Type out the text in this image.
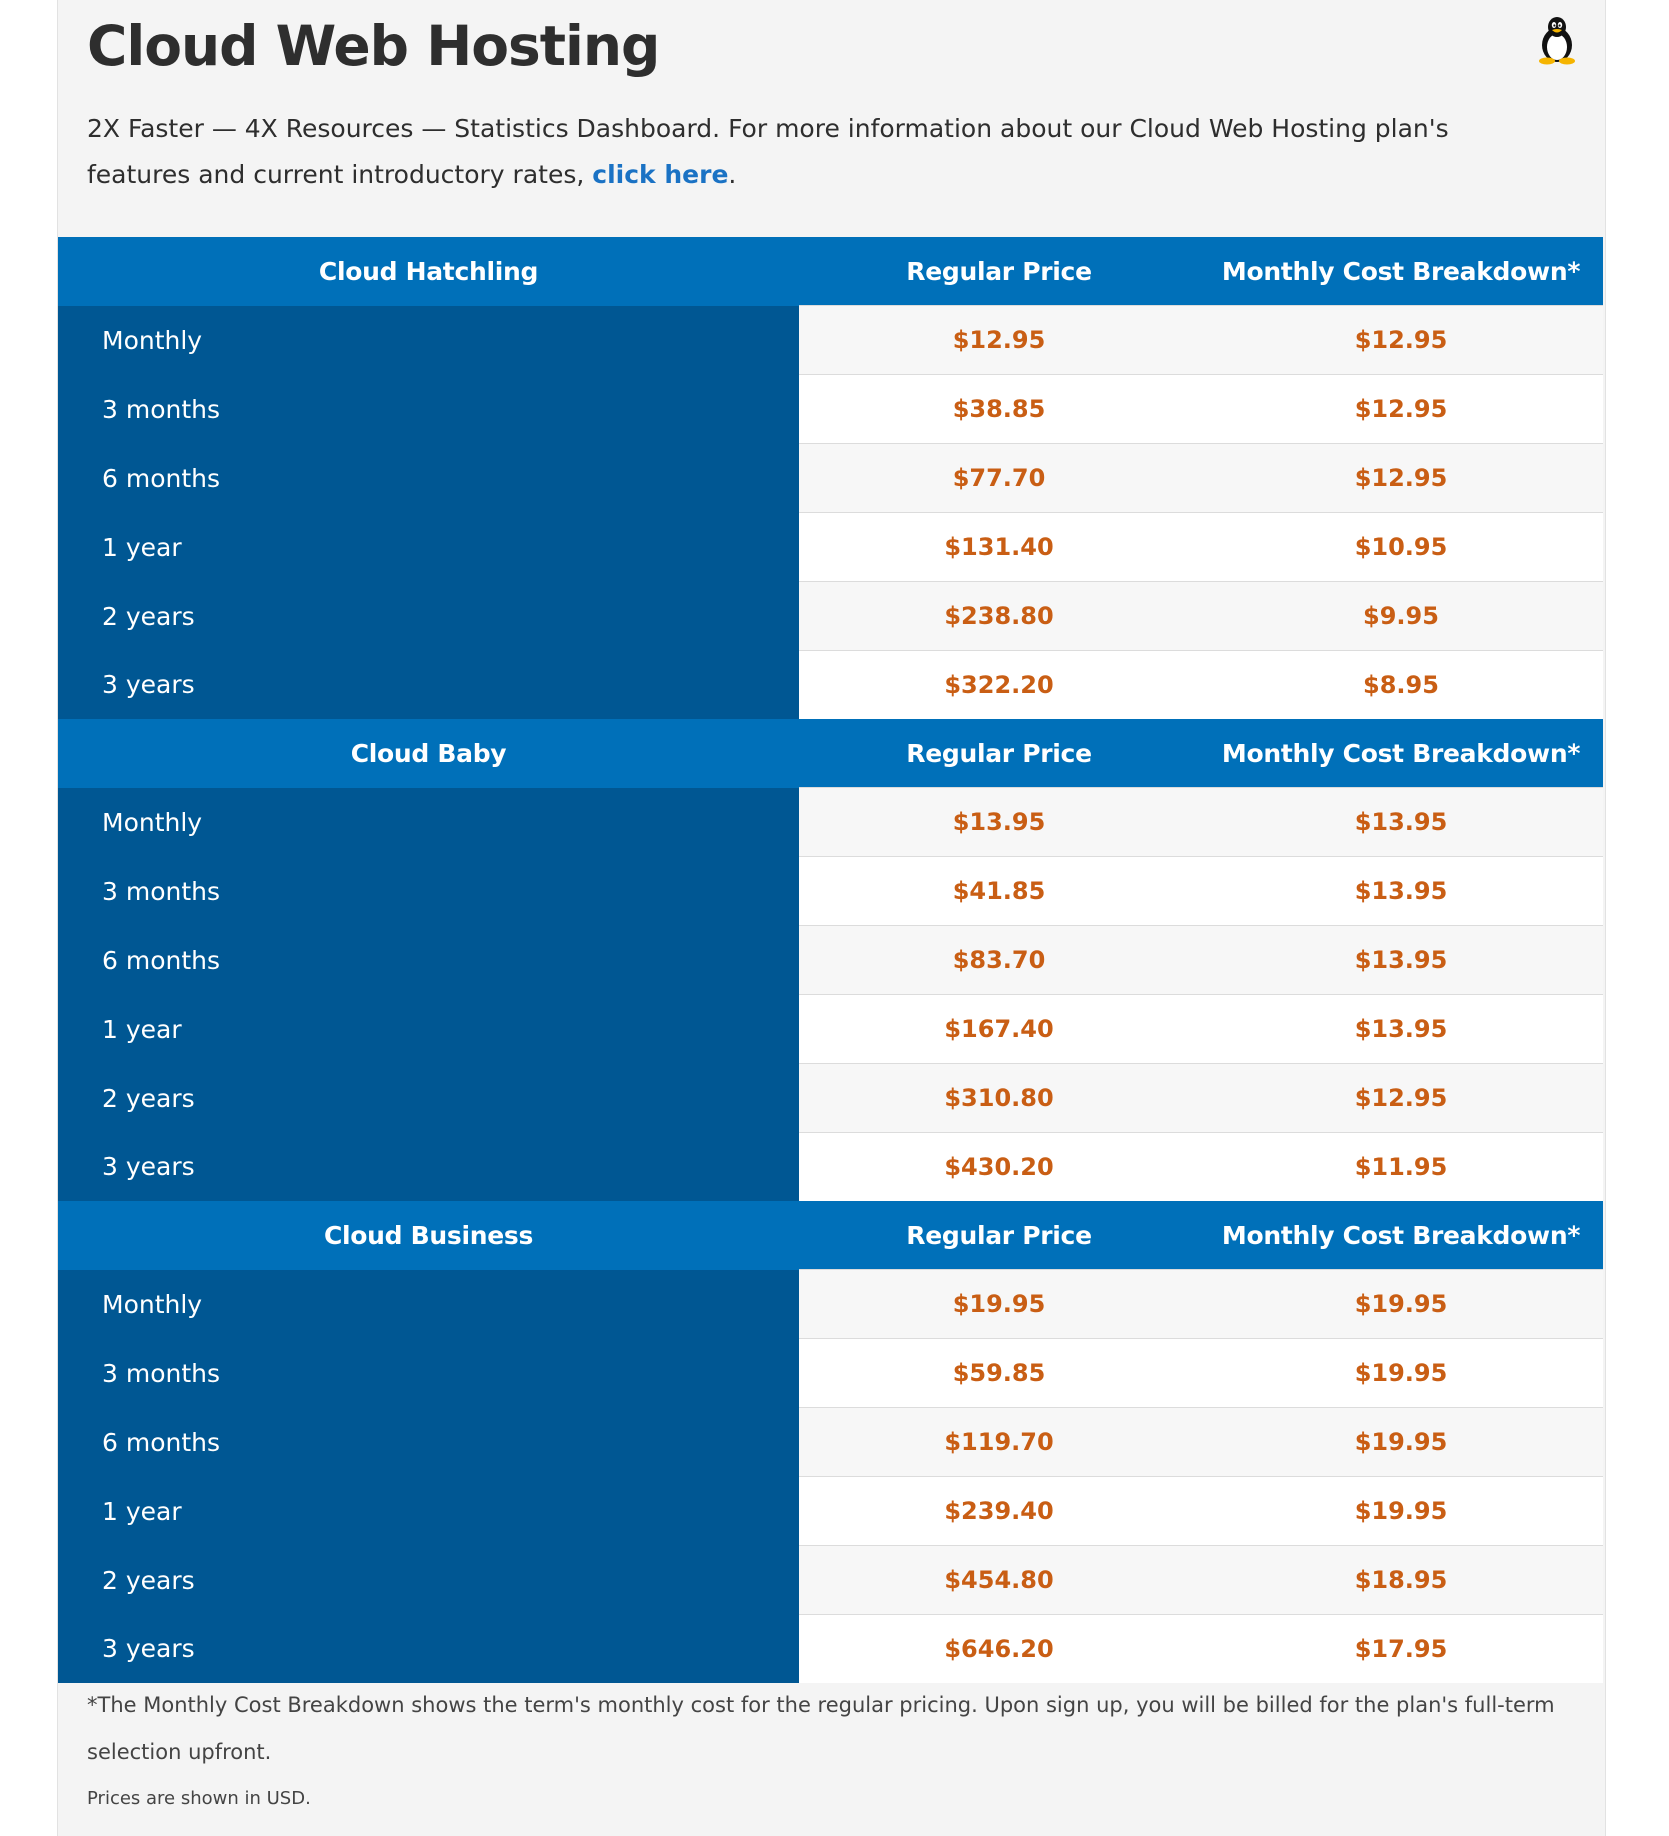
Cloud Web Hosting

2X Faster — 4X Resources — Statistics Dashboard. For more information about our Cloud Web Hosting plan's features and current introductory rates, click here.

Cloud Hatchling	Regular Price	Monthly Cost Breakdown*
Monthly	$12.95	$12.95
3 months	$38.85	$12.95
6 months	$77.70	$12.95
1 year	$131.40	$10.95
2 years	$238.80	$9.95
3 years	$322.20	$8.95
Cloud Baby	Regular Price	Monthly Cost Breakdown*
Monthly	$13.95	$13.95
3 months	$41.85	$13.95
6 months	$83.70	$13.95
1 year	$167.40	$13.95
2 years	$310.80	$12.95
3 years	$430.20	$11.95
Cloud Business	Regular Price	Monthly Cost Breakdown*
Monthly	$19.95	$19.95
3 months	$59.85	$19.95
6 months	$119.70	$19.95
1 year	$239.40	$19.95
2 years	$454.80	$18.95
3 years	$646.20	$17.95

*The Monthly Cost Breakdown shows the term's monthly cost for the regular pricing. Upon sign up, you will be billed for the plan's full-term selection upfront.

Prices are shown in USD.
